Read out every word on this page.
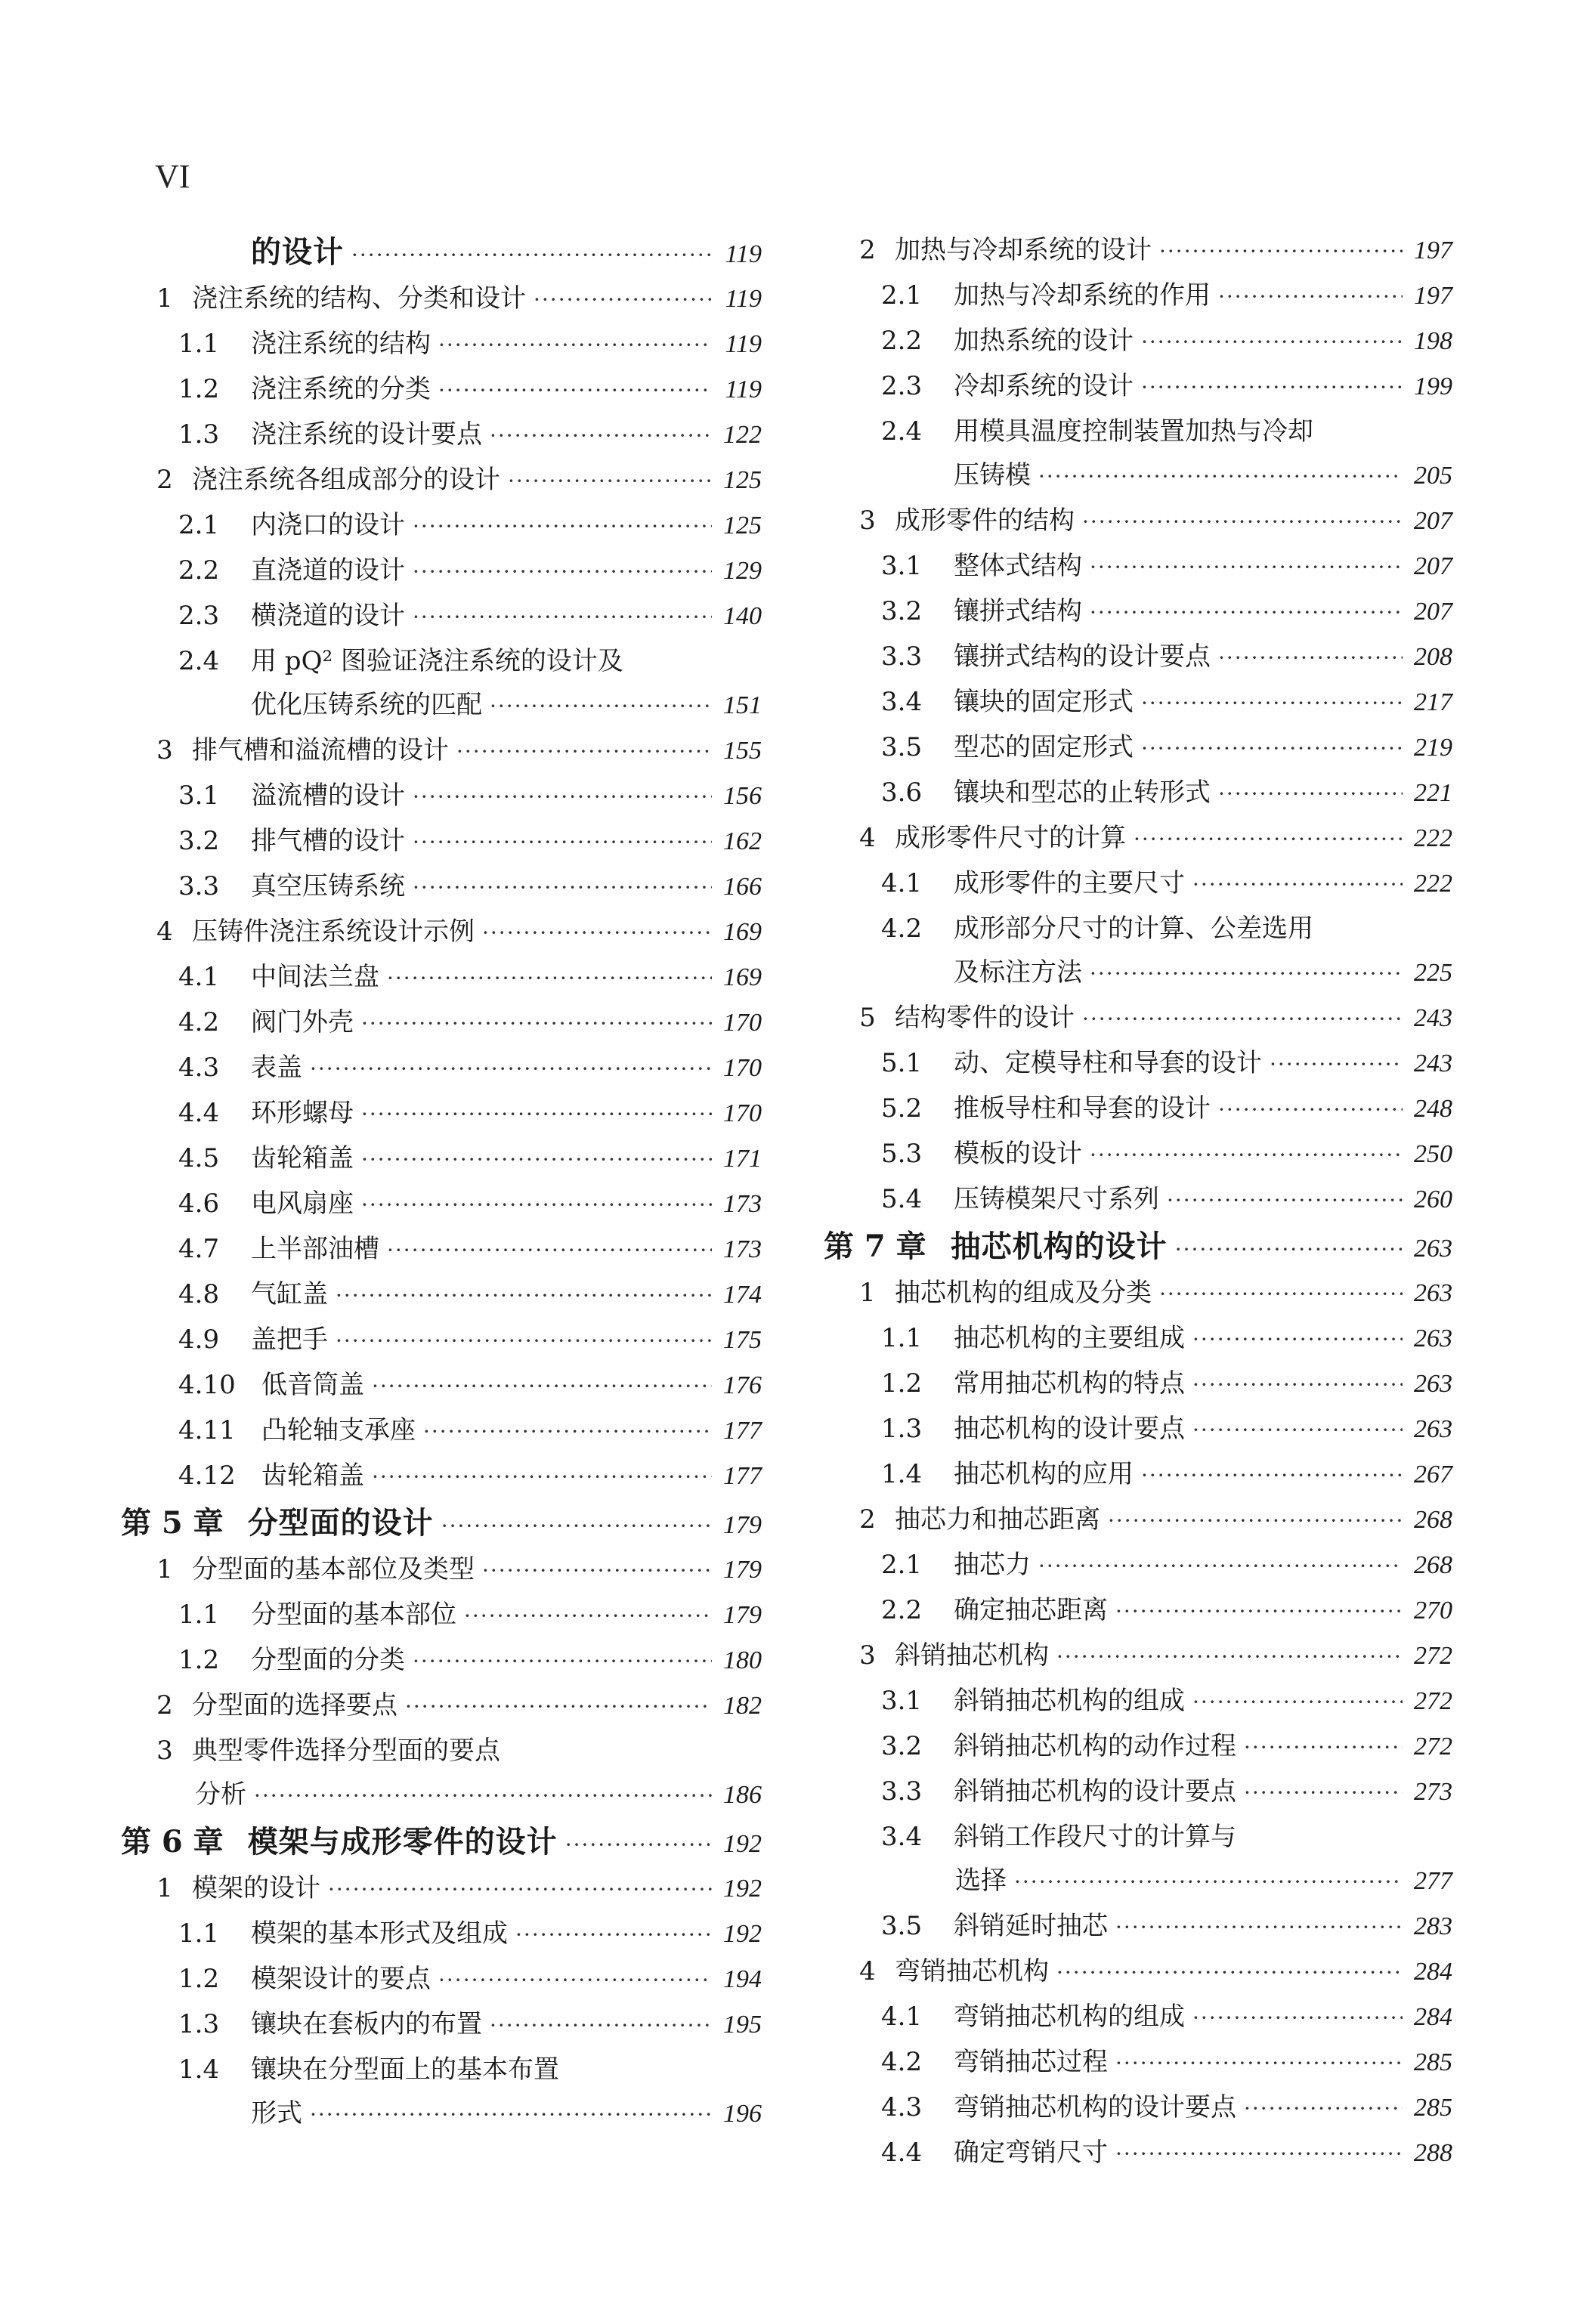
VI
的设计 ·····	119
1 浇注系统的结构、分类和设计 ·····	119
1.1	浇注系统的结构 ·····	119
1.2	浇注系统的分类 ·····	119
1.3	浇注系统的设计要点 ·····	122
2 浇注系统各组成部分的设计 ·····	125
2.1	内浇口的设计 ·····	125
2.2	直浇道的设计 ·····	129
2.3	横浇道的设计 ·····	140
2.4	用 pQ² 图验证浇注系统的设计及
优化压铸系统的匹配 ·····	151
3 排气槽和溢流槽的设计 ·····	155
3.1	溢流槽的设计 ·····	156
3.2	排气槽的设计 ·····	162
3.3	真空压铸系统 ·····	166
4 压铸件浇注系统设计示例 ·····	169
4.1	中间法兰盘 ·····	169
4.2	阀门外壳 ·····	170
4.3	表盖 ·····	170
4.4	环形螺母 ·····	170
4.5	齿轮箱盖 ·····	171
4.6	电风扇座 ·····	173
4.7	上半部油槽 ·····	173
4.8	气缸盖 ·····	174
4.9	盖把手 ·····	175
4.10	低音筒盖 ·····	176
4.11	凸轮轴支承座 ·····	177
4.12	齿轮箱盖 ·····	177
第 5 章 分型面的设计 ·····	179
1 分型面的基本部位及类型 ·····	179
1.1	分型面的基本部位 ·····	179
1.2	分型面的分类 ·····	180
2 分型面的选择要点 ·····	182
3 典型零件选择分型面的要点
分析 ·····	186
第 6 章 模架与成形零件的设计 ·····	192
1 模架的设计 ·····	192
1.1	模架的基本形式及组成 ·····	192
1.2	模架设计的要点 ·····	194
1.3	镶块在套板内的布置 ·····	195
1.4	镶块在分型面上的基本布置
形式 ·····	196
2 加热与冷却系统的设计 ·····	197
2.1	加热与冷却系统的作用 ·····	197
2.2	加热系统的设计 ·····	198
2.3	冷却系统的设计 ·····	199
2.4	用模具温度控制装置加热与冷却
压铸模 ·····	205
3 成形零件的结构 ·····	207
3.1	整体式结构 ·····	207
3.2	镶拼式结构 ·····	207
3.3	镶拼式结构的设计要点 ·····	208
3.4	镶块的固定形式 ·····	217
3.5	型芯的固定形式 ·····	219
3.6	镶块和型芯的止转形式 ·····	221
4 成形零件尺寸的计算 ·····	222
4.1	成形零件的主要尺寸 ·····	222
4.2	成形部分尺寸的计算、公差选用
及标注方法 ·····	225
5 结构零件的设计 ·····	243
5.1	动、定模导柱和导套的设计 ·····	243
5.2	推板导柱和导套的设计 ·····	248
5.3	模板的设计 ·····	250
5.4	压铸模架尺寸系列 ·····	260
第 7 章 抽芯机构的设计 ·····	263
1 抽芯机构的组成及分类 ·····	263
1.1	抽芯机构的主要组成 ·····	263
1.2	常用抽芯机构的特点 ·····	263
1.3	抽芯机构的设计要点 ·····	263
1.4	抽芯机构的应用 ·····	267
2 抽芯力和抽芯距离 ·····	268
2.1	抽芯力 ·····	268
2.2	确定抽芯距离 ·····	270
3 斜销抽芯机构 ·····	272
3.1	斜销抽芯机构的组成 ·····	272
3.2	斜销抽芯机构的动作过程 ·····	272
3.3	斜销抽芯机构的设计要点 ·····	273
3.4	斜销工作段尺寸的计算与
选择 ·····	277
3.5	斜销延时抽芯 ·····	283
4 弯销抽芯机构 ·····	284
4.1	弯销抽芯机构的组成 ·····	284
4.2	弯销抽芯过程 ·····	285
4.3	弯销抽芯机构的设计要点 ·····	285
4.4	确定弯销尺寸 ·····	288
